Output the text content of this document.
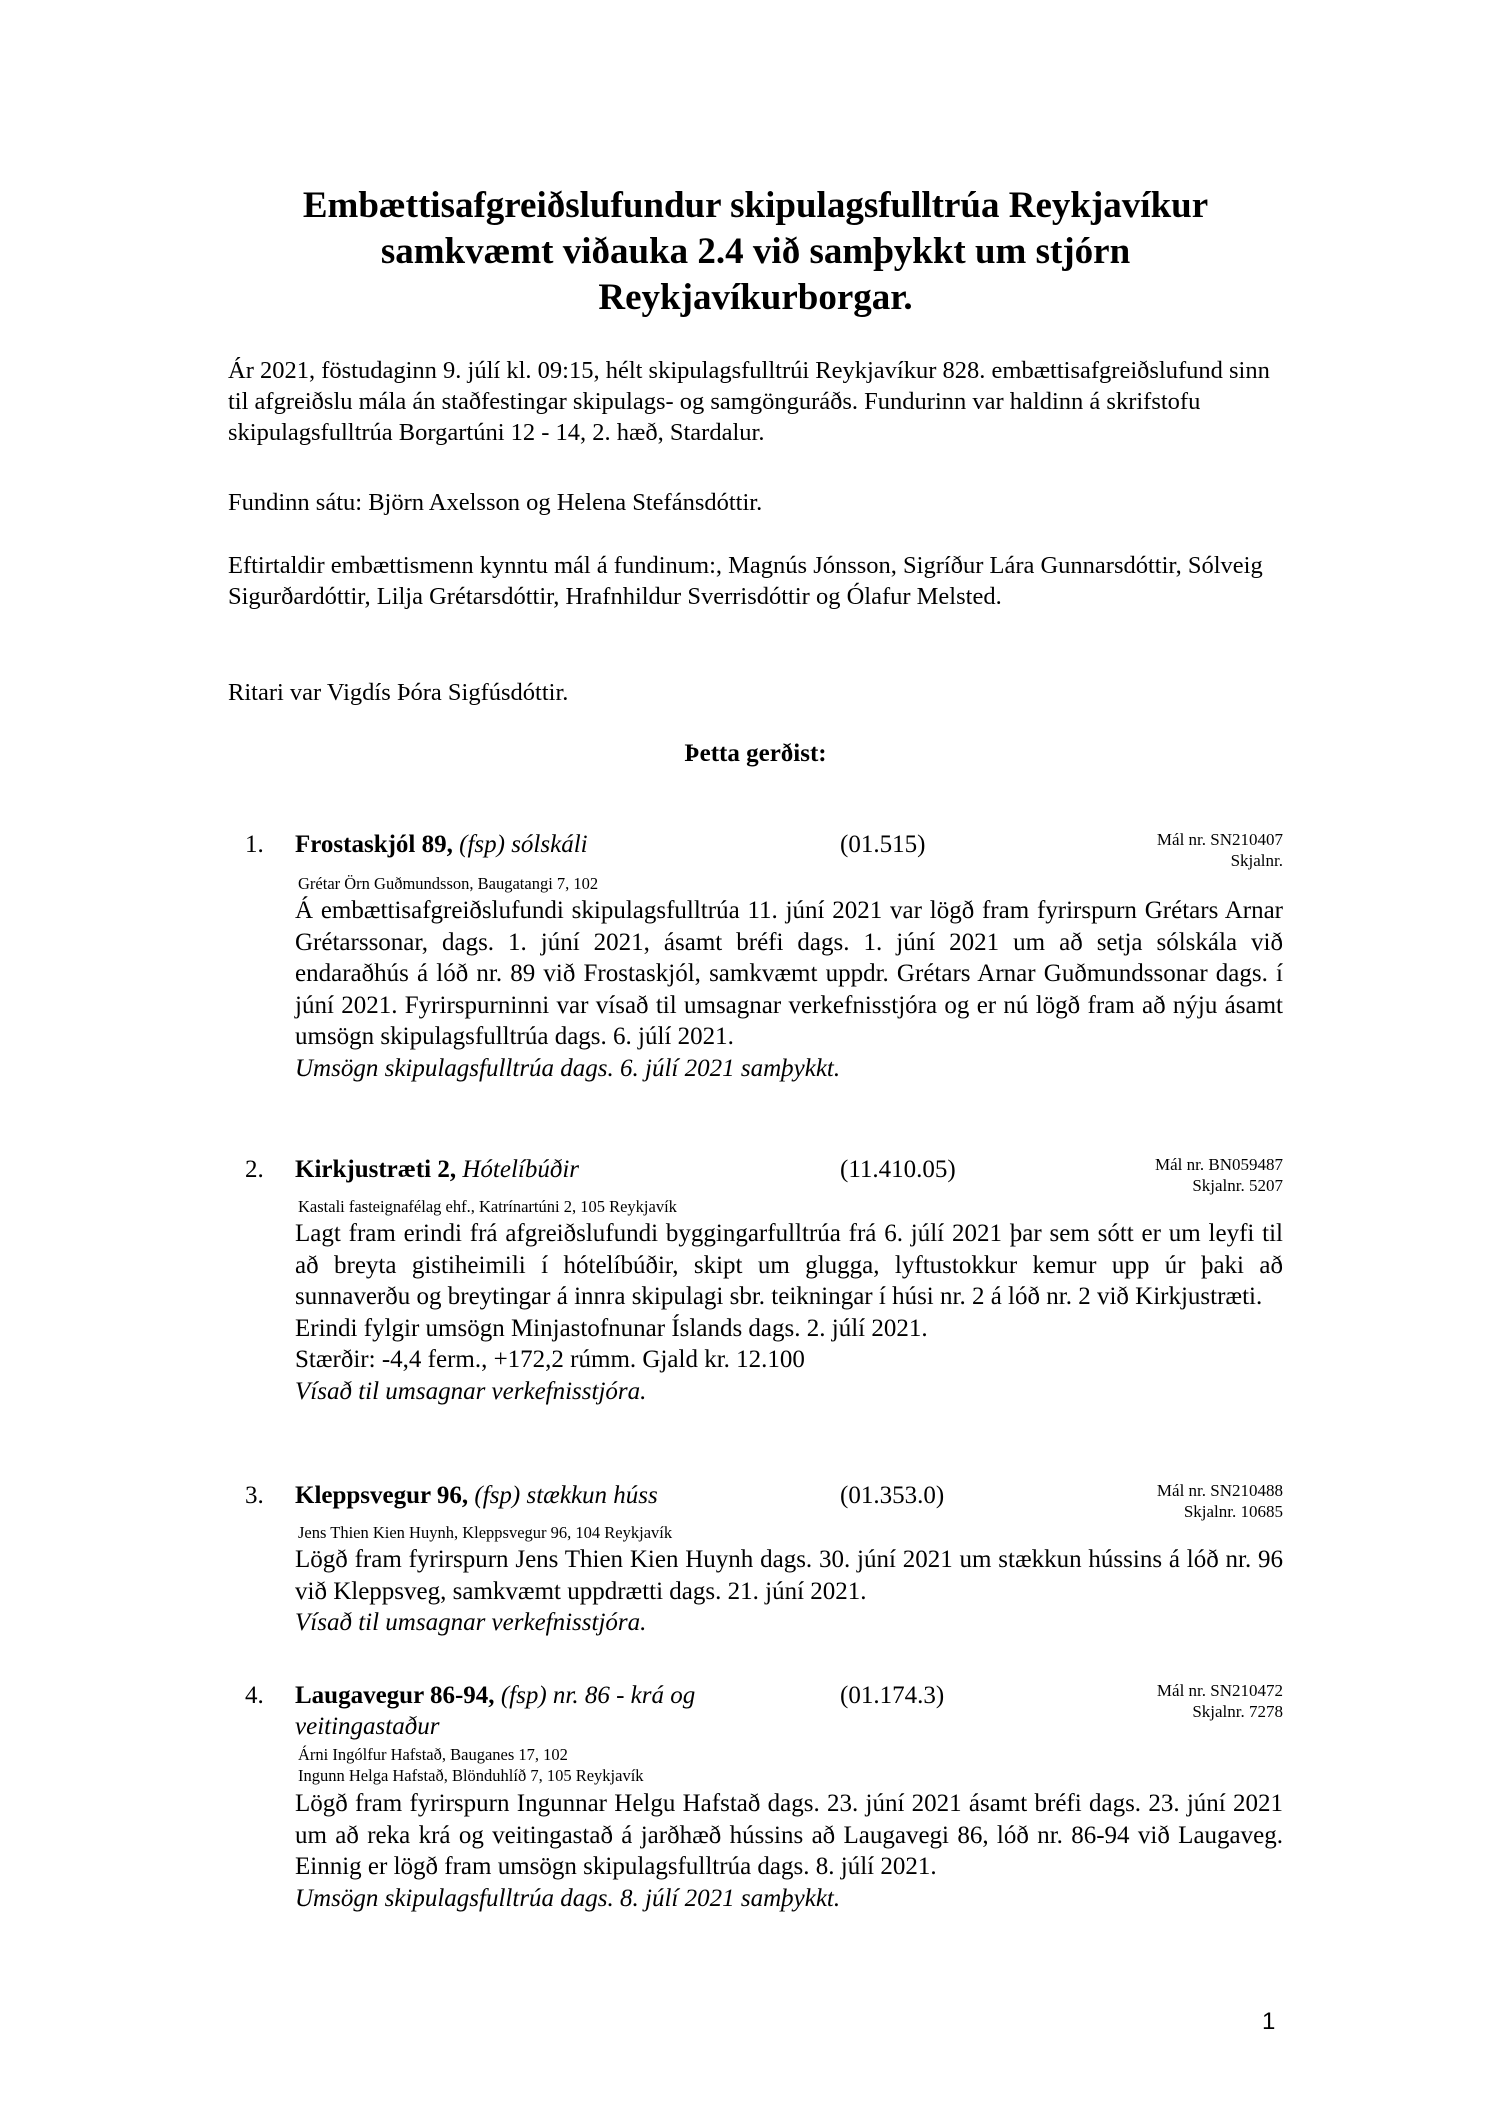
Embættisafgreiðslufundur skipulagsfulltrúa Reykjavíkur samkvæmt viðauka 2.4 við samþykkt um stjórn Reykjavíkurborgar.
Ár 2021, föstudaginn 9. júlí kl. 09:15, hélt skipulagsfulltrúi Reykjavíkur 828. embættisafgreiðslufund sinn til afgreiðslu mála án staðfestingar skipulags- og samgönguráðs. Fundurinn var haldinn á skrifstofu skipulagsfulltrúa Borgartúni 12 - 14, 2. hæð, Stardalur.
Fundinn sátu: Björn Axelsson og Helena Stefánsdóttir.
Eftirtaldir embættismenn kynntu mál á fundinum:, Magnús Jónsson, Sigríður Lára Gunnarsdóttir, Sólveig Sigurðardóttir, Lilja Grétarsdóttir, Hrafnhildur Sverrisdóttir og Ólafur Melsted.
Ritari var Vigdís Þóra Sigfúsdóttir.
Þetta gerðist:
1. Frostaskjól 89, (fsp) sólskáli	(01.515)	Mál nr. SN210407
Skjalnr.
Grétar Örn Guðmundsson, Baugatangi 7, 102
Á embættisafgreiðslufundi skipulagsfulltrúa 11. júní 2021 var lögð fram fyrirspurn Grétars Arnar Grétarssonar, dags. 1. júní 2021, ásamt bréfi dags. 1. júní 2021 um að setja sólskála við endaraðhús á lóð nr. 89 við Frostaskjól, samkvæmt uppdr. Grétars Arnar Guðmundssonar dags. í júní 2021. Fyrirspurninni var vísað til umsagnar verkefnisstjóra og er nú lögð fram að nýju ásamt umsögn skipulagsfulltrúa dags. 6. júlí 2021.
Umsögn skipulagsfulltrúa dags. 6. júlí 2021 samþykkt.
2. Kirkjustræti 2, Hótelíbúðir	(11.410.05)	Mál nr. BN059487
Skjalnr. 5207
Kastali fasteignafélag ehf., Katrínartúni 2, 105 Reykjavík
Lagt fram erindi frá afgreiðslufundi byggingarfulltrúa frá 6. júlí 2021 þar sem sótt er um leyfi til að breyta gistiheimili í hótelíbúðir, skipt um glugga, lyftustokkur kemur upp úr þaki að sunnaverðu og breytingar á innra skipulagi sbr. teikningar í húsi nr. 2 á lóð nr. 2 við Kirkjustræti.
Erindi fylgir umsögn Minjastofnunar Íslands dags. 2. júlí 2021.
Stærðir: -4,4 ferm., +172,2 rúmm. Gjald kr. 12.100
Vísað til umsagnar verkefnisstjóra.
3. Kleppsvegur 96, (fsp) stækkun húss	(01.353.0)	Mál nr. SN210488
Skjalnr. 10685
Jens Thien Kien Huynh, Kleppsvegur 96, 104 Reykjavík
Lögð fram fyrirspurn Jens Thien Kien Huynh dags. 30. júní 2021 um stækkun hússins á lóð nr. 96 við Kleppsveg, samkvæmt uppdrætti dags. 21. júní 2021.
Vísað til umsagnar verkefnisstjóra.
4. Laugavegur 86-94, (fsp) nr. 86 - krá og veitingastaður
(01.174.3)	Mál nr. SN210472
Skjalnr. 7278
Árni Ingólfur Hafstað, Bauganes 17, 102
Ingunn Helga Hafstað, Blönduhlíð 7, 105 Reykjavík
Lögð fram fyrirspurn Ingunnar Helgu Hafstað dags. 23. júní 2021 ásamt bréfi dags. 23. júní 2021 um að reka krá og veitingastað á jarðhæð hússins að Laugavegi 86, lóð nr. 86-94 við Laugaveg. Einnig er lögð fram umsögn skipulagsfulltrúa dags. 8. júlí 2021.
Umsögn skipulagsfulltrúa dags. 8. júlí 2021 samþykkt.
1
